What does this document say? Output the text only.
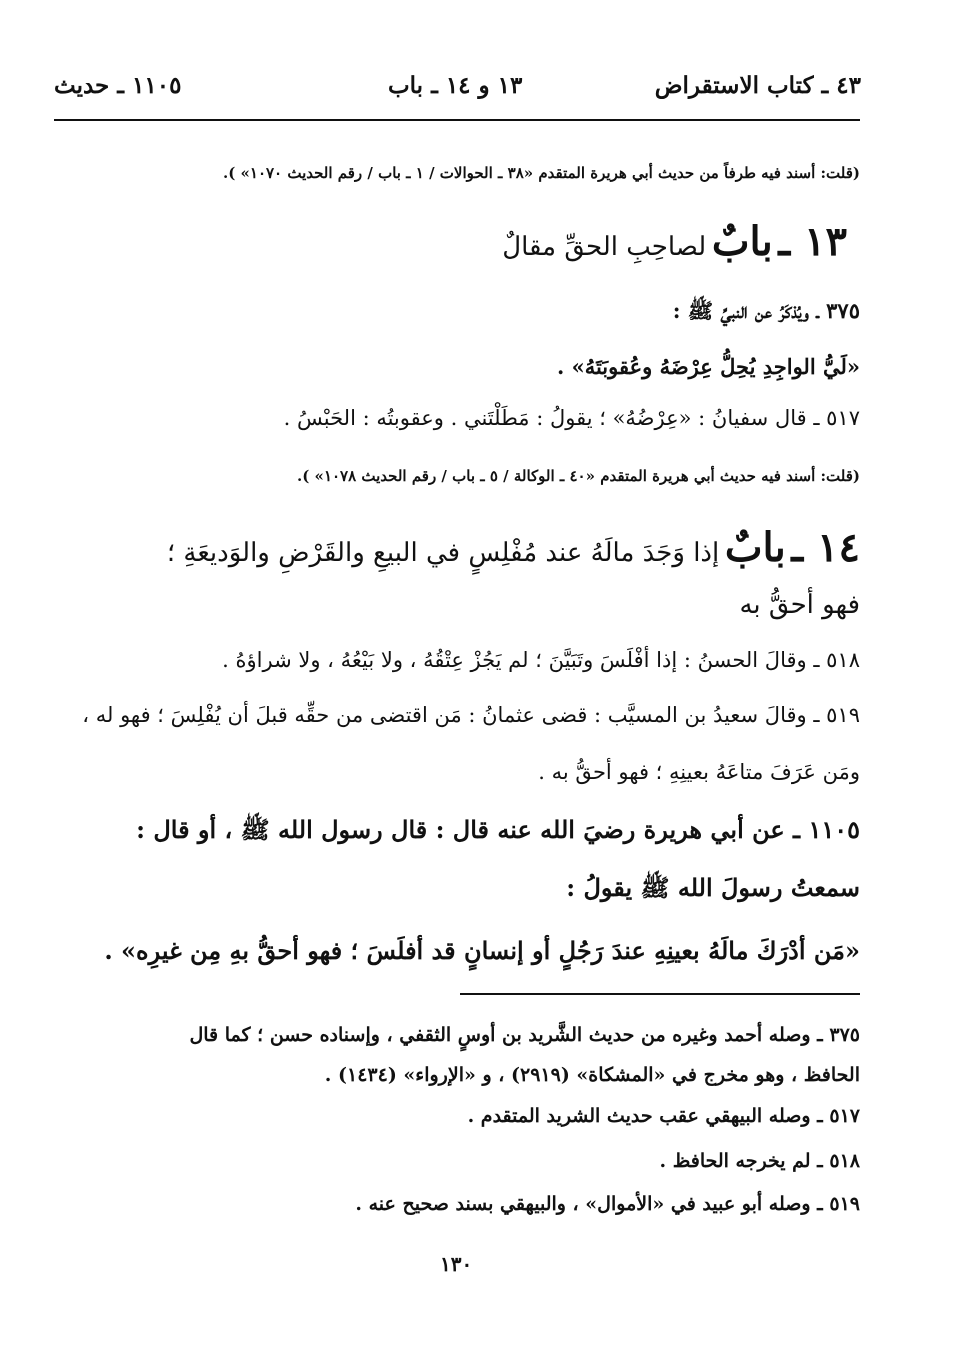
٤٣ ـ كتاب الاستقراض
١٣ و ١٤ ـ باب
١١٠٥ ـ حديث
(قلت: أسند فيه طرفاً من حديث أبي هريرة المتقدم «٣٨ ـ الحوالات / ١ ـ باب / رقم الحديث ١٠٧٠» ).
١٣ ـ بابٌ لصاحِبِ الحقِّ مقالٌ
٣٧٥ ـ ويُذكَرُ عن النبيِّ ﷺ :
«لَيُّ الواجِدِ يُحِلُّ عِرْضَهُ وعُقوبَتَهُ» .
٥١٧ ـ قال سفيانُ : «عِرْضُهُ» ؛ يقولُ : مَطَلْتَني . وعقوبتُه : الحَبْسُ .
(قلت: أسند فيه حديث أبي هريرة المتقدم «٤٠ ـ الوكالة / ٥ ـ باب / رقم الحديث ١٠٧٨» ).
١٤ ـ بابٌ إذا وَجَدَ مالَهُ عند مُفْلِسٍ في البيعِ والقَرْضِ والوَديعَةِ ؛
فهو أحقُّ به
٥١٨ ـ وقالَ الحسنُ : إذا أفْلَسَ وتَبَيَّنَ ؛ لم يَجُزْ عِتْقُهُ ، ولا بَيْعُهُ ، ولا شراؤهُ .
٥١٩ ـ وقالَ سعيدُ بن المسيَّب : قضى عثمانُ : مَن اقتضى من حقِّه قبلَ أن يُفْلِسَ ؛ فهو له ،
ومَن عَرَفَ متاعَهُ بعينِهِ ؛ فهو أحقُّ به .
١١٠٥ ـ عن أبي هريرة رضيَ الله عنه قال : قال رسول الله ﷺ ، أو قال :
سمعتُ رسولَ الله ﷺ يقولُ :
«مَن أدْرَكَ مالَهُ بعينِهِ عندَ رَجُلٍ أو إنسانٍ قد أفلَسَ ؛ فهو أحقُّ بهِ مِن غيرِه» .
٣٧٥ ـ وصله أحمد وغيره من حديث الشَّريد بن أوسٍ الثقفي ، وإسناده حسن ؛ كما قال
الحافظ ، وهو مخرج في «المشكاة» (٢٩١٩) ، و «الإرواء» (١٤٣٤) .
٥١٧ ـ وصله البيهقي عقب حديث الشريد المتقدم .
٥١٨ ـ لم يخرجه الحافظ .
٥١٩ ـ وصله أبو عبيد في «الأموال» ، والبيهقي بسند صحيح عنه .
١٣٠
